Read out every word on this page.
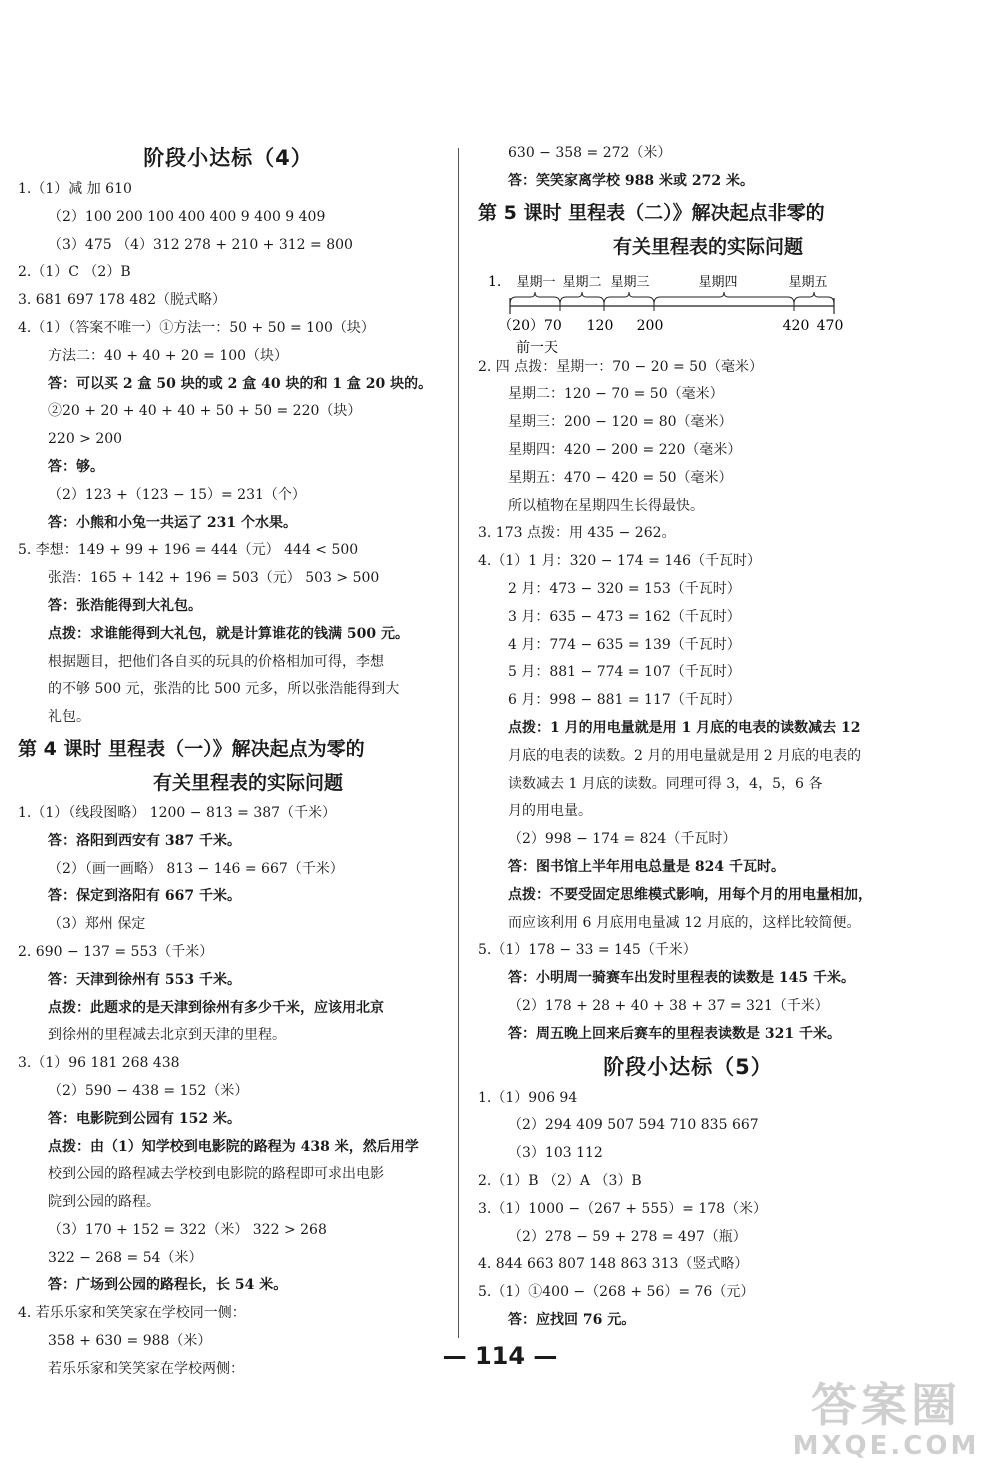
阶段小达标（4）
1.（1）减 加 610
（2）100 200 100 400 400 9 400 9 409
（3）475 （4）312 278 + 210 + 312 = 800
2.（1）C （2）B
3. 681 697 178 482（脱式略）
4.（1）（答案不唯一）①方法一：50 + 50 = 100（块）
方法二：40 + 40 + 20 = 100（块）
答：可以买 2 盒 50 块的或 2 盒 40 块的和 1 盒 20 块的。
②20 + 20 + 40 + 40 + 50 + 50 = 220（块）
220 > 200
答：够。
（2）123 +（123 − 15）= 231（个）
答：小熊和小兔一共运了 231 个水果。
5. 李想：149 + 99 + 196 = 444（元） 444 < 500
张浩：165 + 142 + 196 = 503（元） 503 > 500
答：张浩能得到大礼包。
点拨：求谁能得到大礼包，就是计算谁花的钱满 500 元。
根据题目，把他们各自买的玩具的价格相加可得，李想
的不够 500 元，张浩的比 500 元多，所以张浩能得到大
礼包。
第 4 课时 里程表（一）》解决起点为零的
有关里程表的实际问题
1.（1）（线段图略） 1200 − 813 = 387（千米）
答：洛阳到西安有 387 千米。
（2）（画一画略） 813 − 146 = 667（千米）
答：保定到洛阳有 667 千米。
（3）郑州 保定
2. 690 − 137 = 553（千米）
答：天津到徐州有 553 千米。
点拨：此题求的是天津到徐州有多少千米，应该用北京
到徐州的里程减去北京到天津的里程。
3.（1）96 181 268 438
（2）590 − 438 = 152（米）
答：电影院到公园有 152 米。
点拨：由（1）知学校到电影院的路程为 438 米，然后用学
校到公园的路程减去学校到电影院的路程即可求出电影
院到公园的路程。
（3）170 + 152 = 322（米） 322 > 268
322 − 268 = 54（米）
答：广场到公园的路程长，长 54 米。
4. 若乐乐家和笑笑家在学校同一侧：
358 + 630 = 988（米）
若乐乐家和笑笑家在学校两侧：
630 − 358 = 272（米）
答：笑笑家离学校 988 米或 272 米。
第 5 课时 里程表（二）》解决起点非零的
有关里程表的实际问题
1. 星期一 星期二 星期三	星期四	星期五
（20）70 120 200	420 470
前一天
2. 四 点拨：星期一：70 − 20 = 50（毫米）
星期二：120 − 70 = 50（毫米）
星期三：200 − 120 = 80（毫米）
星期四：420 − 200 = 220（毫米）
星期五：470 − 420 = 50（毫米）
所以植物在星期四生长得最快。
3. 173 点拨：用 435 − 262。
4.（1）1 月：320 − 174 = 146（千瓦时）
2 月：473 − 320 = 153（千瓦时）
3 月：635 − 473 = 162（千瓦时）
4 月：774 − 635 = 139（千瓦时）
5 月：881 − 774 = 107（千瓦时）
6 月：998 − 881 = 117（千瓦时）
点拨：1 月的用电量就是用 1 月底的电表的读数减去 12
月底的电表的读数。2 月的用电量就是用 2 月底的电表的
读数减去 1 月底的读数。同理可得 3，4，5，6 各
月的用电量。
（2）998 − 174 = 824（千瓦时）
答：图书馆上半年用电总量是 824 千瓦时。
点拨：不要受固定思维模式影响，用每个月的用电量相加，
而应该利用 6 月底用电量减 12 月底的，这样比较简便。
5.（1）178 − 33 = 145（千米）
答：小明周一骑赛车出发时里程表的读数是 145 千米。
（2）178 + 28 + 40 + 38 + 37 = 321（千米）
答：周五晚上回来后赛车的里程表读数是 321 千米。
阶段小达标（5）
1.（1）906 94
（2）294 409 507 594 710 835 667
（3）103 112
2.（1）B （2）A （3）B
3.（1）1000 −（267 + 555）= 178（米）
（2）278 − 59 + 278 = 497（瓶）
4. 844 663 807 148 863 313（竖式略）
5.（1）①400 −（268 + 56）= 76（元）
答：应找回 76 元。
— 114 —
答案圈
MXQE.COM
